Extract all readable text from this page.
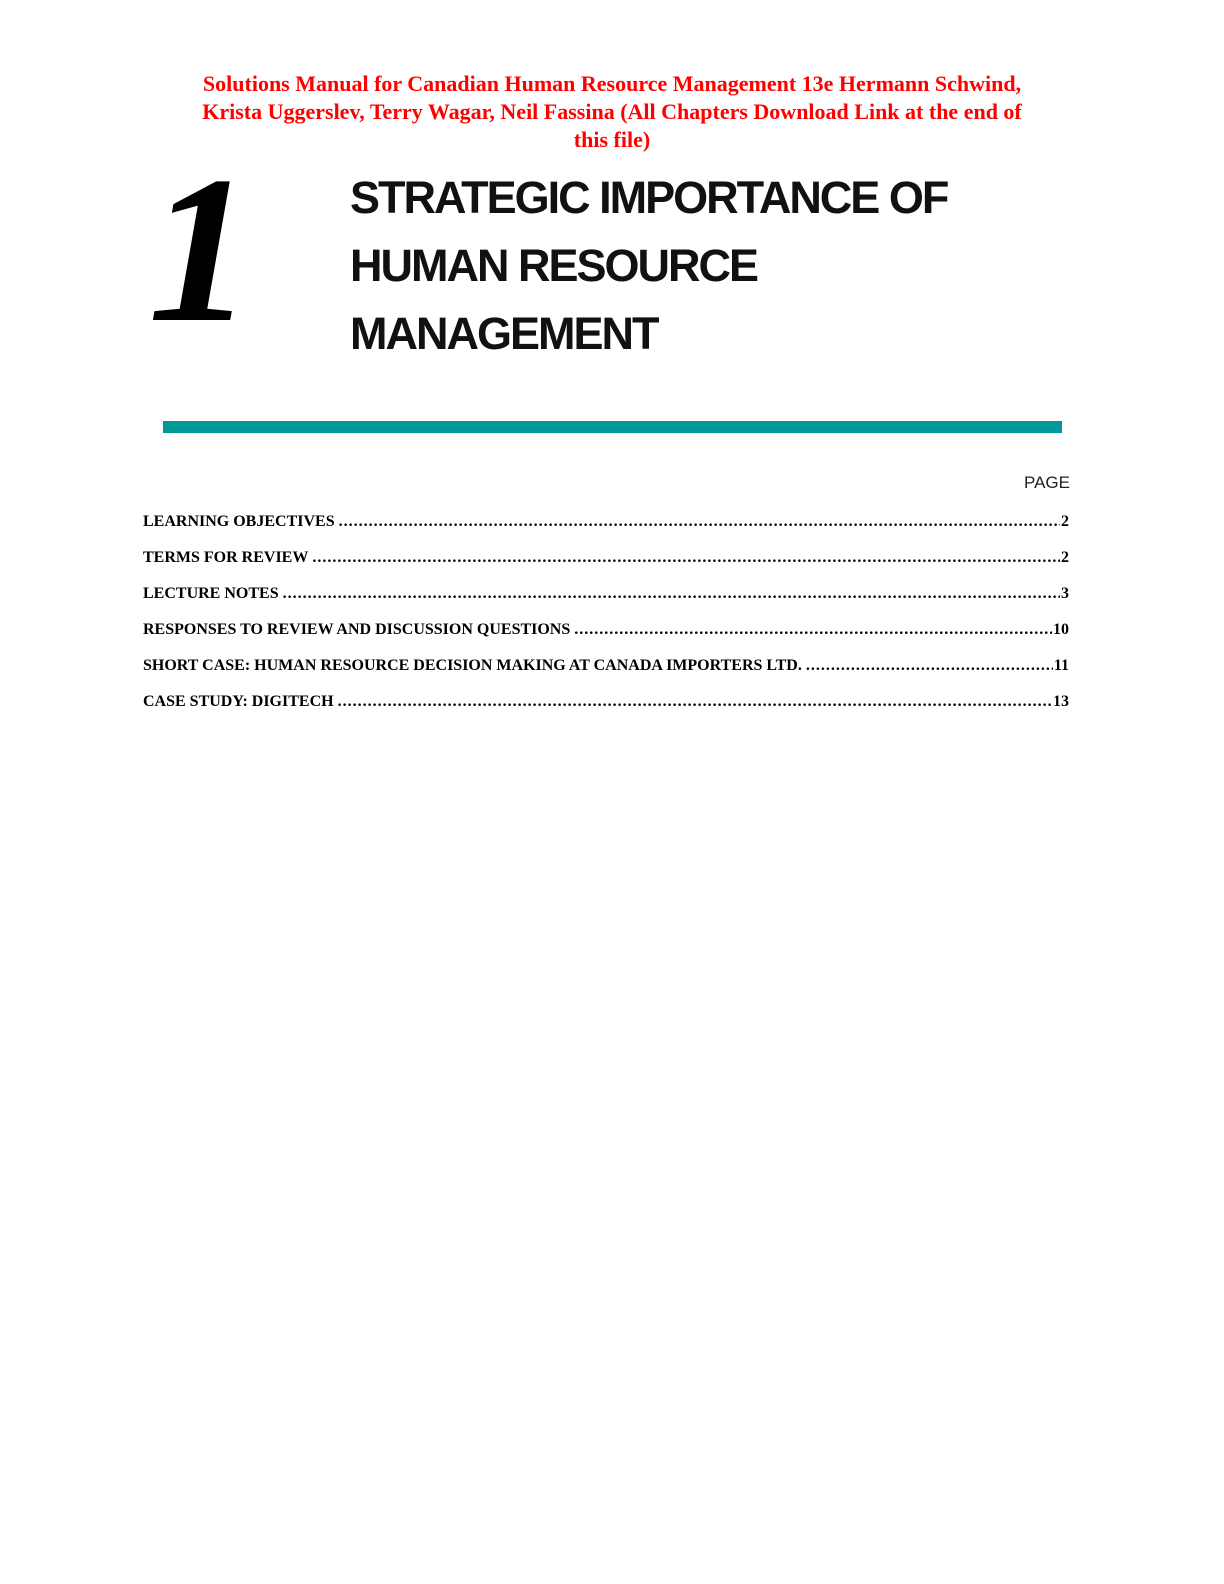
Solutions Manual for Canadian Human Resource Management 13e Hermann Schwind,
Krista Uggerslev, Terry Wagar, Neil Fassina (All Chapters Download Link at the end of
this file)
1 STRATEGIC IMPORTANCE OF
HUMAN RESOURCE
MANAGEMENT
PAGE
LEARNING OBJECTIVES .....	2
TERMS FOR REVIEW .....	2
LECTURE NOTES .....	3
RESPONSES TO REVIEW AND DISCUSSION QUESTIONS .....	10
SHORT CASE: HUMAN RESOURCE DECISION MAKING AT CANADA IMPORTERS LTD. .....	11
CASE STUDY: DIGITECH .....	13
